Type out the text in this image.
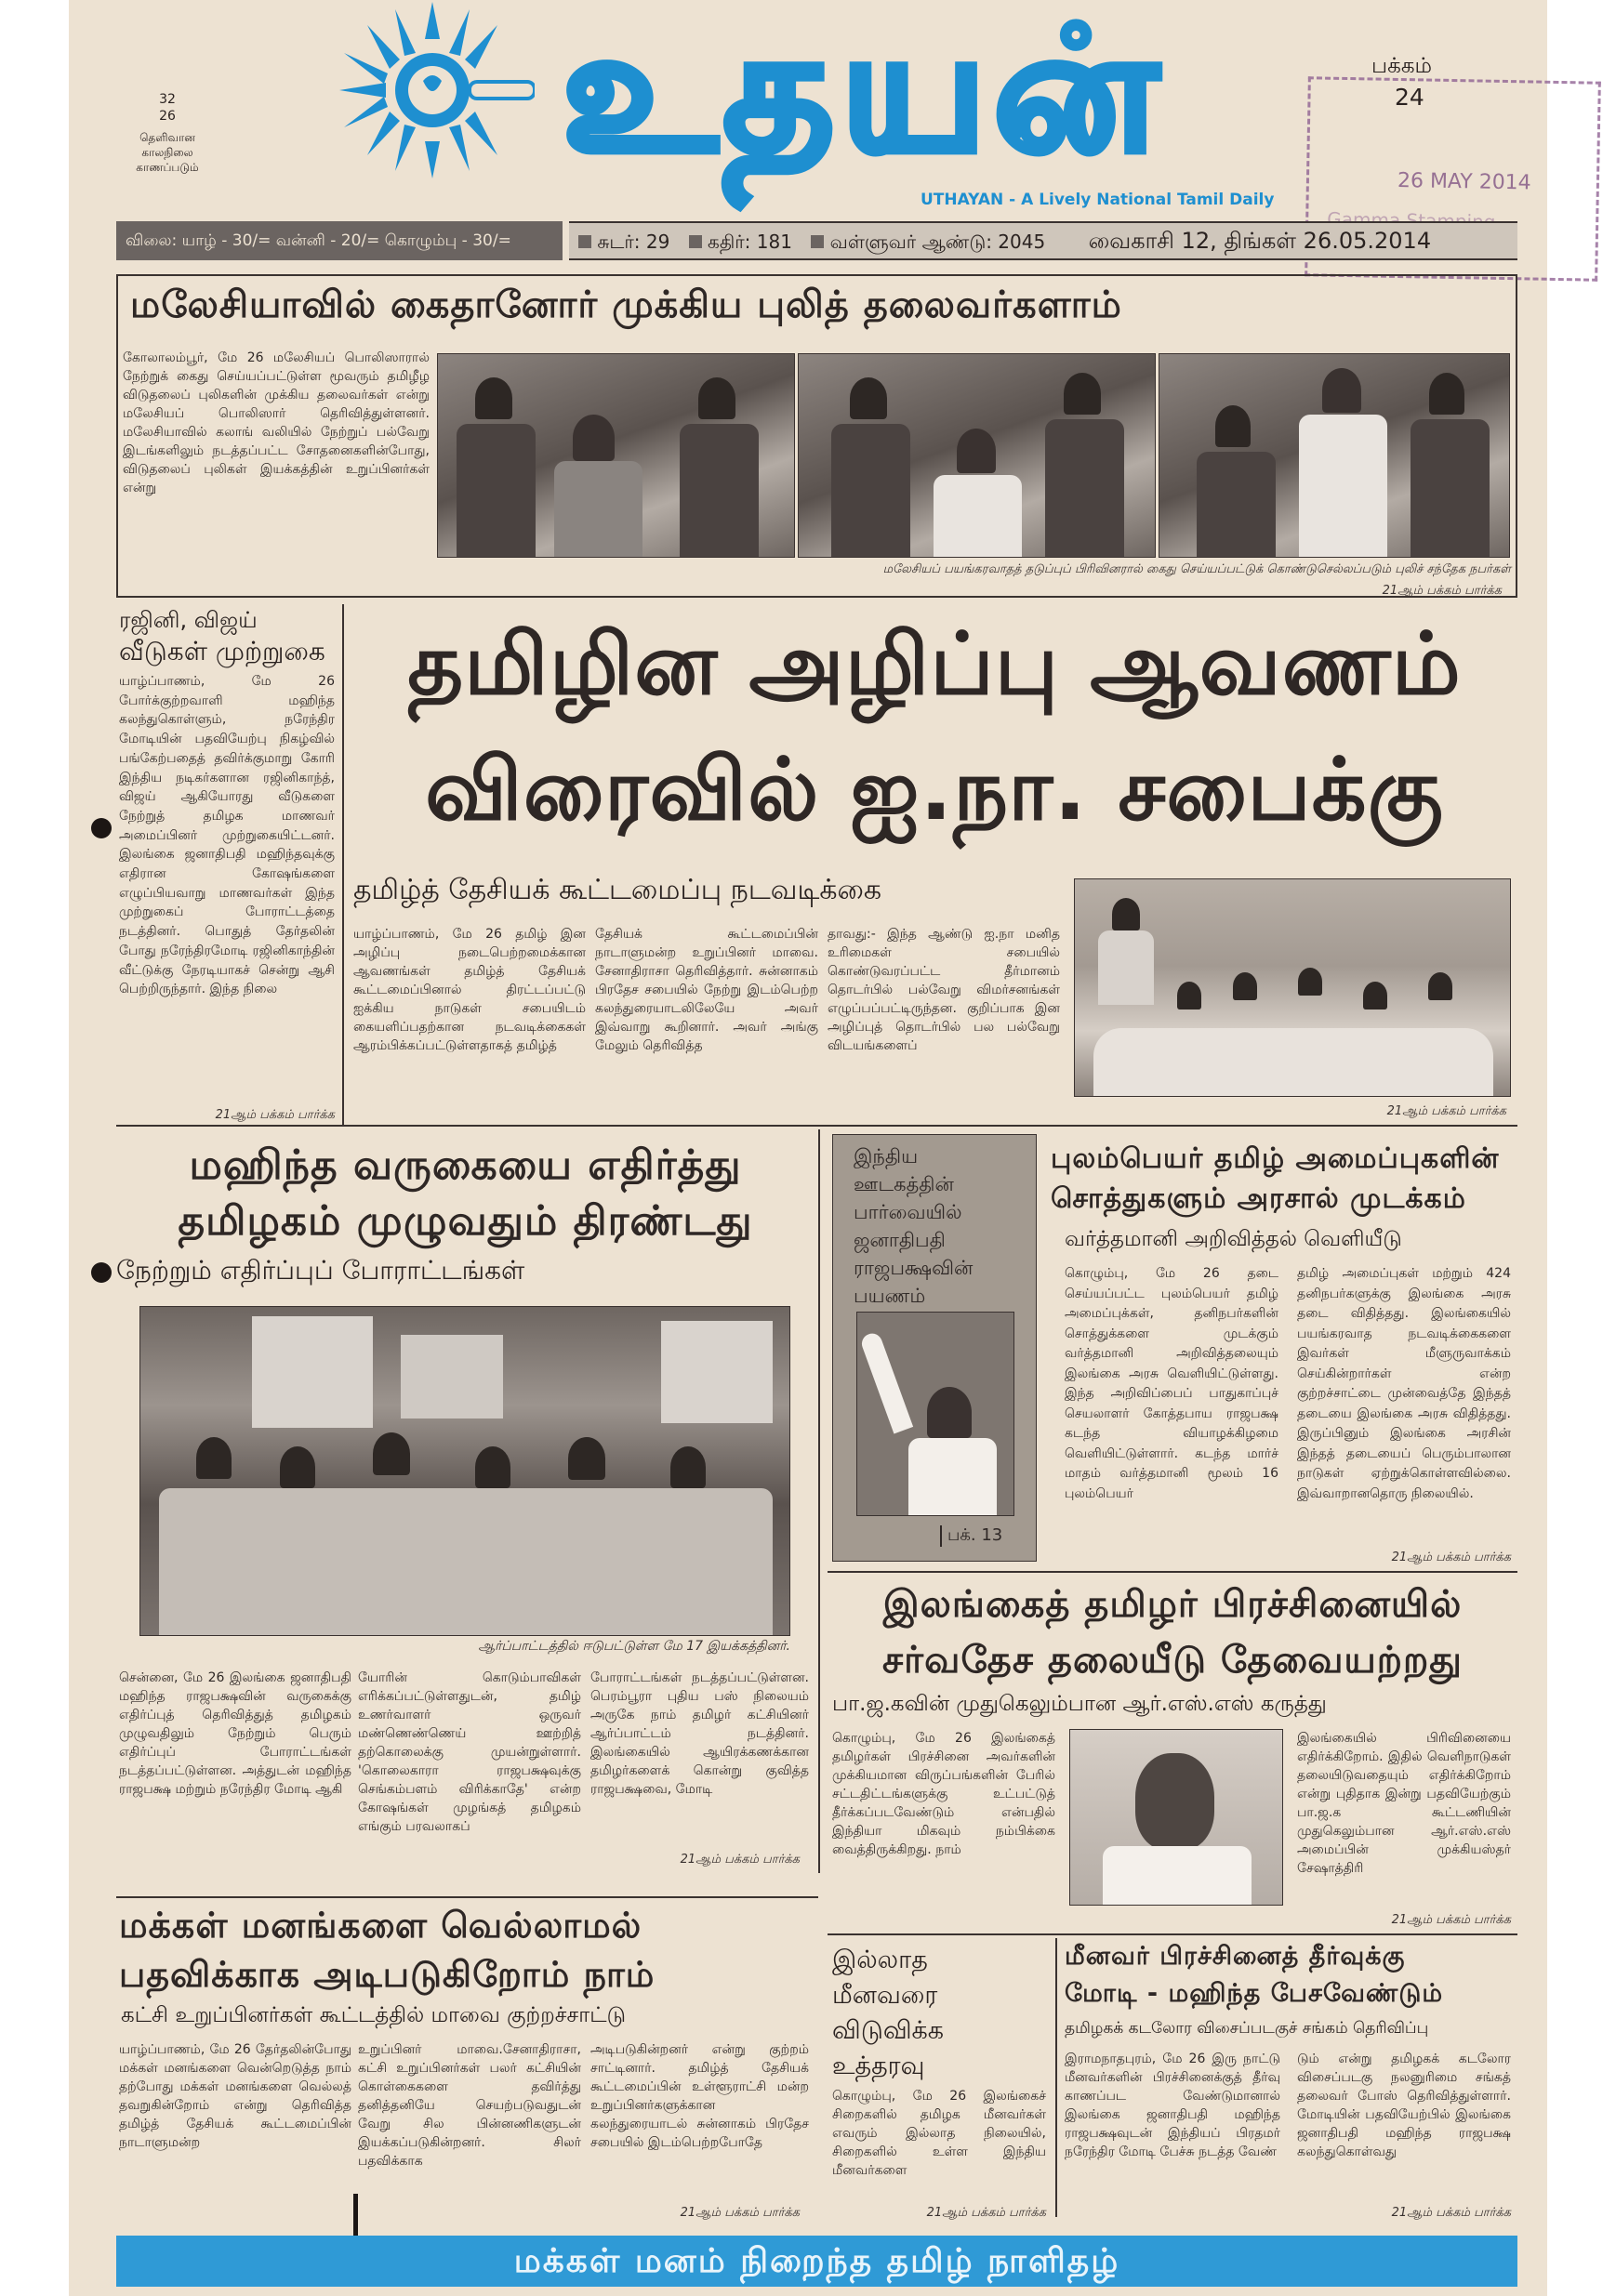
32
26
தெளிவான
காலநிலை
காணப்படும் உதயன்
UTHAYAN - A Lively National Tamil Daily
பக்கம்
24
26 MAY 2014
விலை: யாழ் - 30/= வன்னி - 20/= கொழும்பு - 30/=	சுடர்: 29 கதிர்: 181 வள்ளுவர் ஆண்டு: 2045 வைகாசி 12, திங்கள் 26.05.2014
மலேசியாவில் கைதானோர் முக்கிய புலித் தலைவர்களாம்
கோலாலம்பூர், மே 26 மலேசியப் பொலிஸாரால் நேற்றுக் கைது செய்யப்பட்டுள்ள மூவரும் தமிழீழ விடுதலைப் புலிகளின் முக்கிய தலைவர்கள் என்று மலேசியப் பொலிஸார் தெரிவித்துள்ளனர். மலேசியாவில் கலாங் வலியில் நேற்றுப் பல்வேறு இடங்களிலும் நடத்தப்பட்ட சோதனைகளின்போது, விடுதலைப் புலிகள் இயக்கத்தின் உறுப்பினர்கள் என்று
மலேசியப் பயங்கரவாதத் தடுப்புப் பிரிவினரால் கைது செய்யப்பட்டுக் கொண்டுசெல்லப்படும் புலிச் சந்தேக நபர்கள்
21ஆம் பக்கம் பார்க்க
ரஜினி, விஜய்
வீடுகள் முற்றுகை
யாழ்ப்பாணம், மே 26 போர்க்குற்றவாளி மஹிந்த கலந்துகொள்ளும், நரேந்திர மோடியின் பதவியேற்பு நிகழ்வில் பங்கேற்பதைத் தவிர்க்குமாறு கோரி இந்திய நடிகர்களான ரஜினிகாந்த், விஜய் ஆகியோரது வீடுகளை நேற்றுத் தமிழக மாணவர் அமைப்பினர் முற்றுகையிட்டனர். இலங்கை ஜனாதிபதி மஹிந்தவுக்கு எதிரான கோஷங்களை எழுப்பியவாறு மாணவர்கள் இந்த முற்றுகைப் போராட்டத்தை நடத்தினர். பொதுத் தேர்தலின் போது நரேந்திரமோடி ரஜினிகாந்தின் வீட்டுக்கு நேரடியாகச் சென்று ஆசி பெற்றிருந்தார். இந்த நிலை
21ஆம் பக்கம் பார்க்க
தமிழின அழிப்பு ஆவணம்
விரைவில் ஐ.நா. சபைக்கு
தமிழ்த் தேசியக் கூட்டமைப்பு நடவடிக்கை
யாழ்ப்பாணம், மே 26 தமிழ் இன அழிப்பு நடைபெற்றமைக்கான ஆவணங்கள் தமிழ்த் தேசியக் கூட்டமைப்பினால் திரட்டப்பட்டு ஐக்கிய நாடுகள் சபையிடம் கையளிப்பதற்கான நடவடிக்கைகள் ஆரம்பிக்கப்பட்டுள்ளதாகத் தமிழ்த்
தேசியக் கூட்டமைப்பின் நாடாளுமன்ற உறுப்பினர் மாவை. சேனாதிராசா தெரிவித்தார். சுன்னாகம் பிரதேச சபையில் நேற்று இடம்பெற்ற கலந்துரையாடலிலேயே அவர் இவ்வாறு கூறினார். அவர் அங்கு மேலும் தெரிவித்த
தாவது:- இந்த ஆண்டு ஐ.நா மனித உரிமைகள் சபையில் கொண்டுவரப்பட்ட தீர்மானம் தொடர்பில் பல்வேறு விமர்சனங்கள் எழுப்பப்பட்டிருந்தன. குறிப்பாக இன அழிப்புத் தொடர்பில் பல பல்வேறு விடயங்களைப்
21ஆம் பக்கம் பார்க்க
மஹிந்த வருகையை எதிர்த்து
தமிழகம் முழுவதும் திரண்டது
நேற்றும் எதிர்ப்புப் போராட்டங்கள்
ஆர்ப்பாட்டத்தில் ஈடுபட்டுள்ள மே 17 இயக்கத்தினர்.
சென்னை, மே 26 இலங்கை ஜனாதிபதி மஹிந்த ராஜபக்ஷவின் வருகைக்கு எதிர்ப்புத் தெரிவித்துத் தமிழகம் முழுவதிலும் நேற்றும் பெரும் எதிர்ப்புப் போராட்டங்கள் நடத்தப்பட்டுள்ளன. அத்துடன் மஹிந்த ராஜபக்ஷ மற்றும் நரேந்திர மோடி ஆகி
யோரின் கொடும்பாவிகள் எரிக்கப்பட்டுள்ளதுடன், தமிழ் உணர்வாளர் ஒருவர் மண்ணெண்ணெய் ஊற்றித் தற்கொலைக்கு முயன்றுள்ளார். 'கொலைகாரா ராஜபக்ஷவுக்கு செங்கம்பளம் விரிக்காதே' என்ற கோஷங்கள் முழங்கத் தமிழகம் எங்கும் பரவலாகப்
போராட்டங்கள் நடத்தப்பட்டுள்ளன. பெரம்பூரா புதிய பஸ் நிலையம் அருகே நாம் தமிழர் கட்சியினர் ஆர்ப்பாட்டம் நடத்தினர். இலங்கையில் ஆயிரக்கணக்கான தமிழர்களைக் கொன்று குவித்த ராஜபக்ஷவை, மோடி
21ஆம் பக்கம் பார்க்க
இந்திய ஊடகத்தின் பார்வையில் ஜனாதிபதி ராஜபக்ஷவின் பயணம்
பக். 13
புலம்பெயர் தமிழ் அமைப்புகளின்
சொத்துகளும் அரசால் முடக்கம்
வர்த்தமானி அறிவித்தல் வெளியீடு
கொழும்பு, மே 26 தடை செய்யப்பட்ட புலம்பெயர் தமிழ் அமைப்புக்கள், தனிநபர்களின் சொத்துக்களை முடக்கும் வர்த்தமானி அறிவித்தலையும் இலங்கை அரசு வெளியிட்டுள்ளது. இந்த அறிவிப்பைப் பாதுகாப்புச் செயலாளர் கோத்தபாய ராஜபக்ஷ கடந்த வியாழக்கிழமை வெளியிட்டுள்ளார். கடந்த மார்ச் மாதம் வர்த்தமானி மூலம் 16 புலம்பெயர்
தமிழ் அமைப்புகள் மற்றும் 424 தனிநபர்களுக்கு இலங்கை அரசு தடை விதித்தது. இலங்கையில் பயங்கரவாத நடவடிக்கைகளை இவர்கள் மீளுருவாக்கம் செய்கின்றார்கள் என்ற குற்றச்சாட்டை முன்வைத்தே இந்தத் தடையை இலங்கை அரசு விதித்தது. இருப்பினும் இலங்கை அரசின் இந்தத் தடையைப் பெரும்பாலான நாடுகள் ஏற்றுக்கொள்ளவில்லை. இவ்வாறானதொரு நிலையில்.
21ஆம் பக்கம் பார்க்க
இலங்கைத் தமிழர் பிரச்சினையில்
சர்வதேச தலையீடு தேவையற்றது
பா.ஜ.கவின் முதுகெலும்பான ஆர்.எஸ்.எஸ் கருத்து
கொழும்பு, மே 26 இலங்கைத் தமிழர்கள் பிரச்சினை அவர்களின் முக்கியமான விருப்பங்களின் பேரில் சட்டதிட்டங்களுக்கு உட்பட்டுத் தீர்க்கப்படவேண்டும் என்பதில் இந்தியா மிகவும் நம்பிக்கை வைத்திருக்கிறது. நாம்
இலங்கையில் பிரிவினையை எதிர்க்கிறோம். இதில் வெளிநாடுகள் தலையிடுவதையும் எதிர்க்கிறோம் என்று புதிதாக இன்று பதவியேற்கும் பா.ஜ.க கூட்டணியின் முதுகெலும்பான ஆர்.எஸ்.எஸ் அமைப்பின் முக்கியஸ்தர் சேஷாத்திரி
21ஆம் பக்கம் பார்க்க
மக்கள் மனங்களை வெல்லாமல்
பதவிக்காக அடிபடுகிறோம் நாம்
கட்சி உறுப்பினர்கள் கூட்டத்தில் மாவை குற்றச்சாட்டு
யாழ்ப்பாணம், மே 26 தேர்தலின்போது மக்கள் மனங்களை வென்றெடுத்த நாம் தற்போது மக்கள் மனங்களை வெல்லத் தவறுகின்றோம் என்று தெரிவித்த தமிழ்த் தேசியக் கூட்டமைப்பின் நாடாளுமன்ற
உறுப்பினர் மாவை.சேனாதிராசா, கட்சி உறுப்பினர்கள் பலர் கட்சியின் கொள்கைகளை தவிர்த்து தனித்தனியே செயற்படுவதுடன் வேறு சில பின்னணிகளுடன் இயக்கப்படுகின்றனர். சிலர் பதவிக்காக
அடிபடுகின்றனர் என்று குற்றம் சாட்டினார். தமிழ்த் தேசியக் கூட்டமைப்பின் உள்ளூராட்சி மன்ற உறுப்பினர்களுக்கான கலந்துரையாடல் சுன்னாகம் பிரதேச சபையில் இடம்பெற்றபோதே
21ஆம் பக்கம் பார்க்க
இல்லாத
மீனவரை
விடுவிக்க
உத்தரவு
கொழும்பு, மே 26 இலங்கைச் சிறைகளில் தமிழக மீனவர்கள் எவரும் இல்லாத நிலையில், சிறைகளில் உள்ள இந்திய மீனவர்களை
21ஆம் பக்கம் பார்க்க
மீனவர் பிரச்சினைத் தீர்வுக்கு
மோடி - மஹிந்த பேசவேண்டும்
தமிழகக் கடலோர விசைப்படகுச் சங்கம் தெரிவிப்பு
இராமநாதபுரம், மே 26 இரு நாட்டு மீனவர்களின் பிரச்சினைக்குத் தீர்வு காணப்பட வேண்டுமானால் இலங்கை ஜனாதிபதி மஹிந்த ராஜபக்ஷவுடன் இந்தியப் பிரதமர் நரேந்திர மோடி பேச்சு நடத்த வேண்
டும் என்று தமிழகக் கடலோர விசைப்படகு நலனுரிமை சங்கத் தலைவர் போஸ் தெரிவித்துள்ளார். மோடியின் பதவியேற்பில் இலங்கை ஜனாதிபதி மஹிந்த ராஜபக்ஷ கலந்துகொள்வது
21ஆம் பக்கம் பார்க்க
மக்கள் மனம் நிறைந்த தமிழ் நாளிதழ்
